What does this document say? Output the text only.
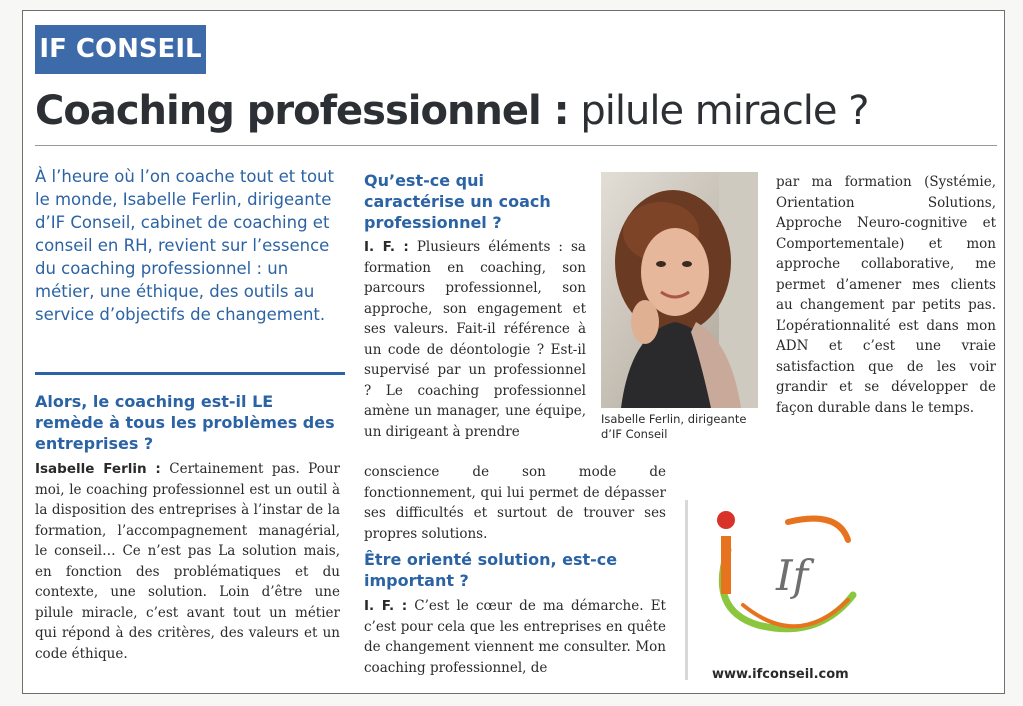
IF CONSEIL
Coaching professionnel : pilule miracle ?
À l’heure où l’on coache tout et tout le monde, Isabelle Ferlin, dirigeante d’IF Conseil, cabinet de coaching et conseil en RH, revient sur l’essence du coaching professionnel : un métier, une éthique, des outils au service d’objectifs de changement.
Alors, le coaching est-il LE remède à tous les problèmes des entreprises ?
Isabelle Ferlin : Certainement pas. Pour moi, le coaching professionnel est un outil à la disposition des entreprises à l’instar de la formation, l’accompagnement managérial, le conseil… Ce n’est pas La solution mais, en fonction des problématiques et du contexte, une solution. Loin d’être une pilule miracle, c’est avant tout un métier qui répond à des critères, des valeurs et un code éthique.
Qu’est-ce qui caractérise un coach professionnel ?
I. F. : Plusieurs éléments : sa formation en coaching, son parcours professionnel, son approche, son engagement et ses valeurs. Fait-il référence à un code de déontologie ? Est-il supervisé par un professionnel ? Le coaching professionnel amène un manager, une équipe, un dirigeant à prendre
conscience de son mode de fonctionnement, qui lui permet de dépasser ses difficultés et surtout de trouver ses propres solutions.
Être orienté solution, est-ce important ?
I. F. : C’est le cœur de ma démarche. Et c’est pour cela que les entreprises en quête de changement viennent me consulter. Mon coaching professionnel, de
Isabelle Ferlin, dirigeante d’IF Conseil
par ma formation (Systémie, Orientation Solutions, Approche Neuro-cognitive et Comportementale) et mon approche collaborative, me permet d’amener mes clients au changement par petits pas. L’opérationnalité est dans mon ADN et c’est une vraie satisfaction que de les voir grandir et se développer de façon durable dans le temps.
If
www.ifconseil.com
